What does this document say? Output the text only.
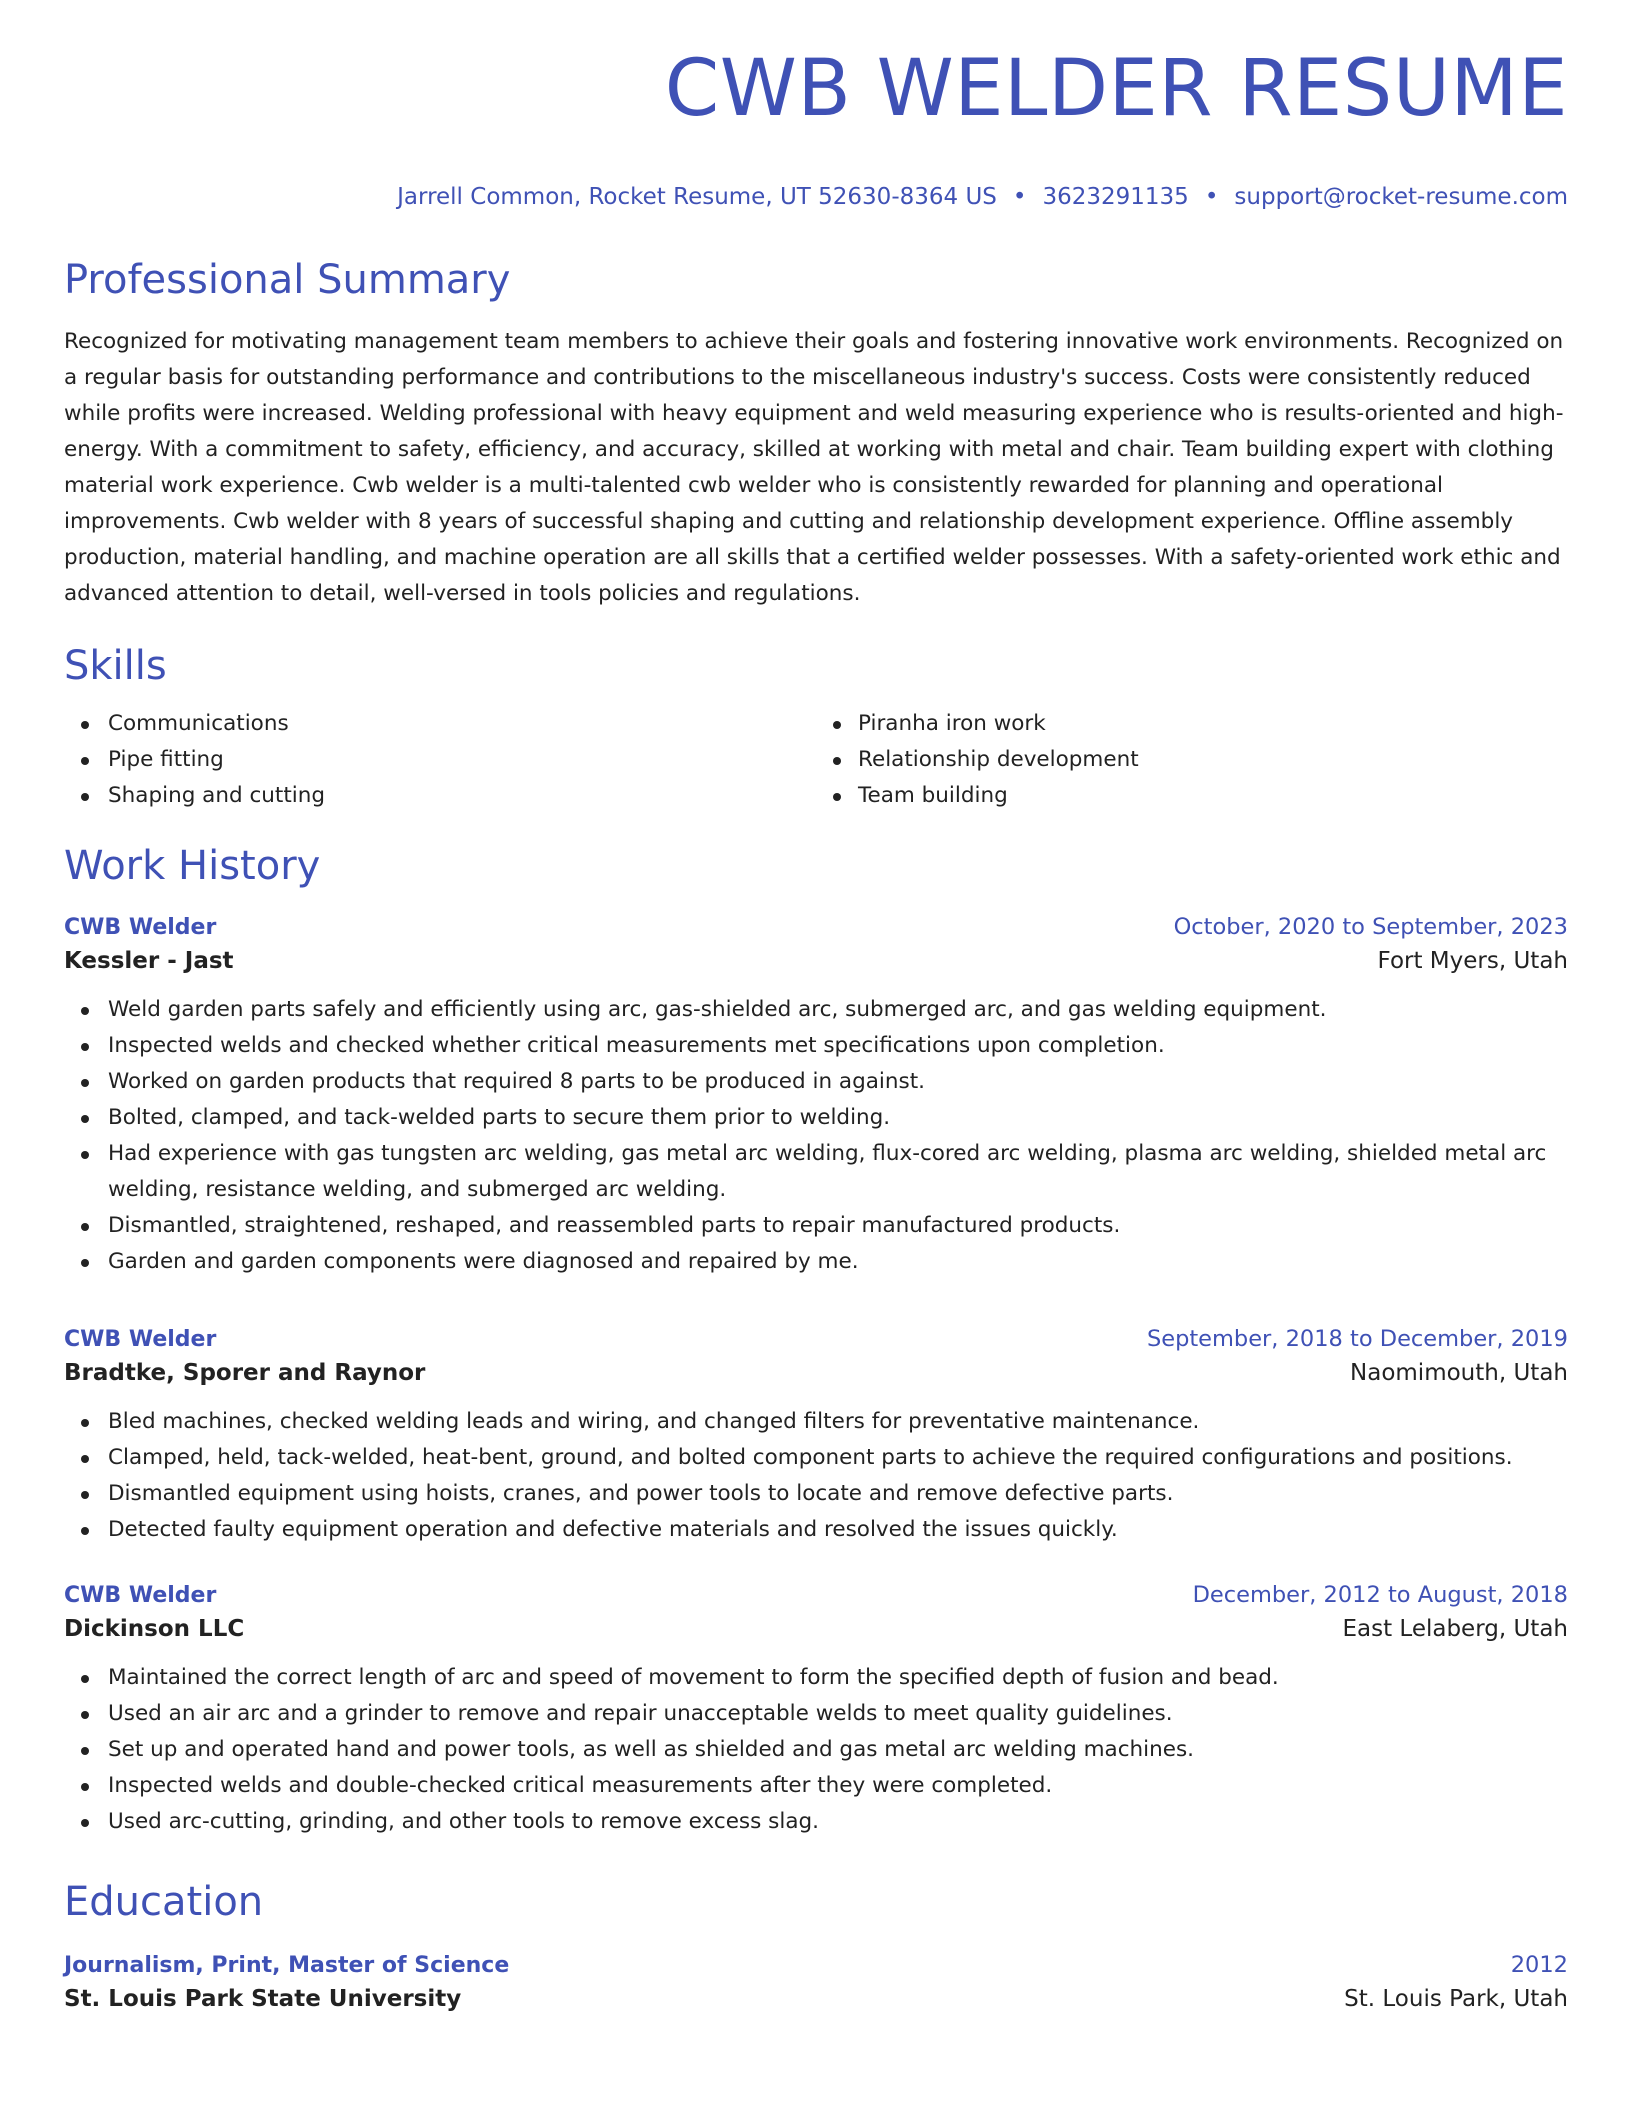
CWB WELDER RESUME
Jarrell Common, Rocket Resume, UT 52630-8364 US • 3623291135 • support@rocket-resume.com
Professional Summary

Recognized for motivating management team members to achieve their goals and fostering innovative work environments. Recognized on a regular basis for outstanding performance and contributions to the miscellaneous industry's success. Costs were consistently reduced while profits were increased. Welding professional with heavy equipment and weld measuring experience who is results-oriented and high-energy. With a commitment to safety, efficiency, and accuracy, skilled at working with metal and chair. Team building expert with clothing material work experience. Cwb welder is a multi-talented cwb welder who is consistently rewarded for planning and operational improvements. Cwb welder with 8 years of successful shaping and cutting and relationship development experience. Offline assembly production, material handling, and machine operation are all skills that a certified welder possesses. With a safety-oriented work ethic and advanced attention to detail, well-versed in tools policies and regulations.

Skills
Communications
Pipe fitting
Shaping and cutting
Piranha iron work
Relationship development
Team building
Work History
CWB Welder	October, 2020 to September, 2023
Kessler - Jast	Fort Myers, Utah
Weld garden parts safely and efficiently using arc, gas-shielded arc, submerged arc, and gas welding equipment.
Inspected welds and checked whether critical measurements met specifications upon completion.
Worked on garden products that required 8 parts to be produced in against.
Bolted, clamped, and tack-welded parts to secure them prior to welding.
Had experience with gas tungsten arc welding, gas metal arc welding, flux-cored arc welding, plasma arc welding, shielded metal arc welding, resistance welding, and submerged arc welding.
Dismantled, straightened, reshaped, and reassembled parts to repair manufactured products.
Garden and garden components were diagnosed and repaired by me.
CWB Welder	September, 2018 to December, 2019
Bradtke, Sporer and Raynor	Naomimouth, Utah
Bled machines, checked welding leads and wiring, and changed filters for preventative maintenance.
Clamped, held, tack-welded, heat-bent, ground, and bolted component parts to achieve the required configurations and positions.
Dismantled equipment using hoists, cranes, and power tools to locate and remove defective parts.
Detected faulty equipment operation and defective materials and resolved the issues quickly.
CWB Welder	December, 2012 to August, 2018
Dickinson LLC	East Lelaberg, Utah
Maintained the correct length of arc and speed of movement to form the specified depth of fusion and bead.
Used an air arc and a grinder to remove and repair unacceptable welds to meet quality guidelines.
Set up and operated hand and power tools, as well as shielded and gas metal arc welding machines.
Inspected welds and double-checked critical measurements after they were completed.
Used arc-cutting, grinding, and other tools to remove excess slag.
Education
Journalism, Print, Master of Science	2012
St. Louis Park State University	St. Louis Park, Utah
